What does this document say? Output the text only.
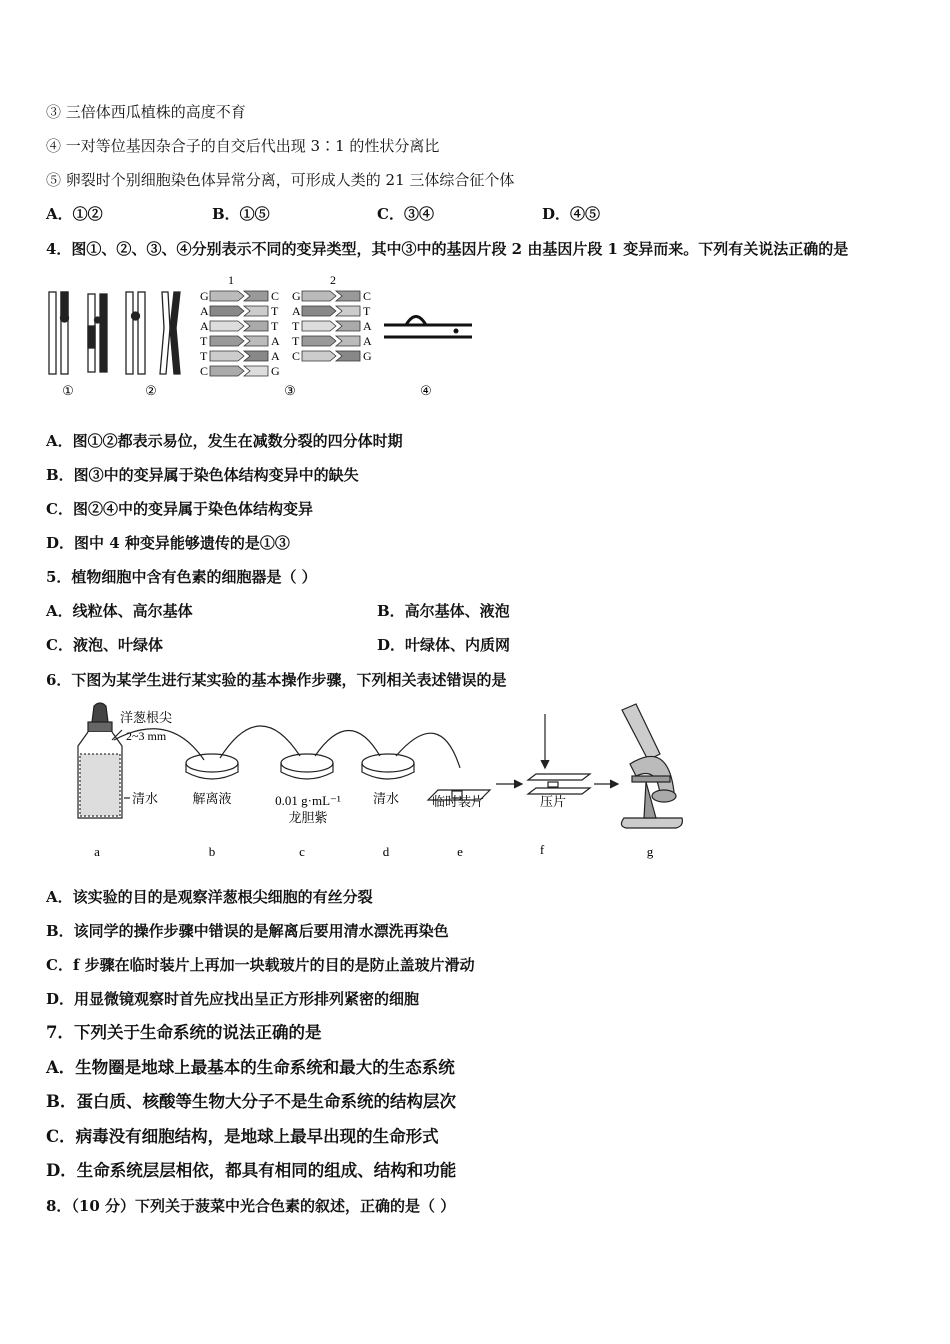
③ 三倍体西瓜植株的高度不育
④ 一对等位基因杂合子的自交后代出现 3∶1 的性状分离比
⑤ 卵裂时个别细胞染色体异常分离，可形成人类的 21 三体综合征个体
A．①②	B．①⑤	C．③④	D．④⑤
4．图①、②、③、④分别表示不同的变异类型，其中③中的基因片段 2 由基因片段 1 变异而来。下列有关说法正确的是
①	②
1	2
G	C
A	T
A	T
T	A
T	A
C	G
G	C
A	T
T	A
T	A
C	G
③	④
A．图①②都表示易位，发生在减数分裂的四分体时期
B．图③中的变异属于染色体结构变异中的缺失
C．图②④中的变异属于染色体结构变异
D．图中 4 种变异能够遗传的是①③
5．植物细胞中含有色素的细胞器是（ ）
A．线粒体、高尔基体	B．高尔基体、液泡
C．液泡、叶绿体	D．叶绿体、内质网
6．下图为某学生进行某实验的基本操作步骤，下列相关表述错误的是
洋葱根尖
2~3 mm
清水	解离液	0.01 g·mL⁻¹
龙胆紫
清水	临时装片	压片
a	b	c	d	e	f	g
A．该实验的目的是观察洋葱根尖细胞的有丝分裂
B．该同学的操作步骤中错误的是解离后要用清水漂洗再染色
C．f 步骤在临时装片上再加一块载玻片的目的是防止盖玻片滑动
D．用显微镜观察时首先应找出呈正方形排列紧密的细胞
7．下列关于生命系统的说法正确的是
A．生物圈是地球上最基本的生命系统和最大的生态系统
B．蛋白质、核酸等生物大分子不是生命系统的结构层次
C．病毒没有细胞结构，是地球上最早出现的生命形式
D．生命系统层层相依，都具有相同的组成、结构和功能
8．（10 分）下列关于菠菜中光合色素的叙述，正确的是（ ）
